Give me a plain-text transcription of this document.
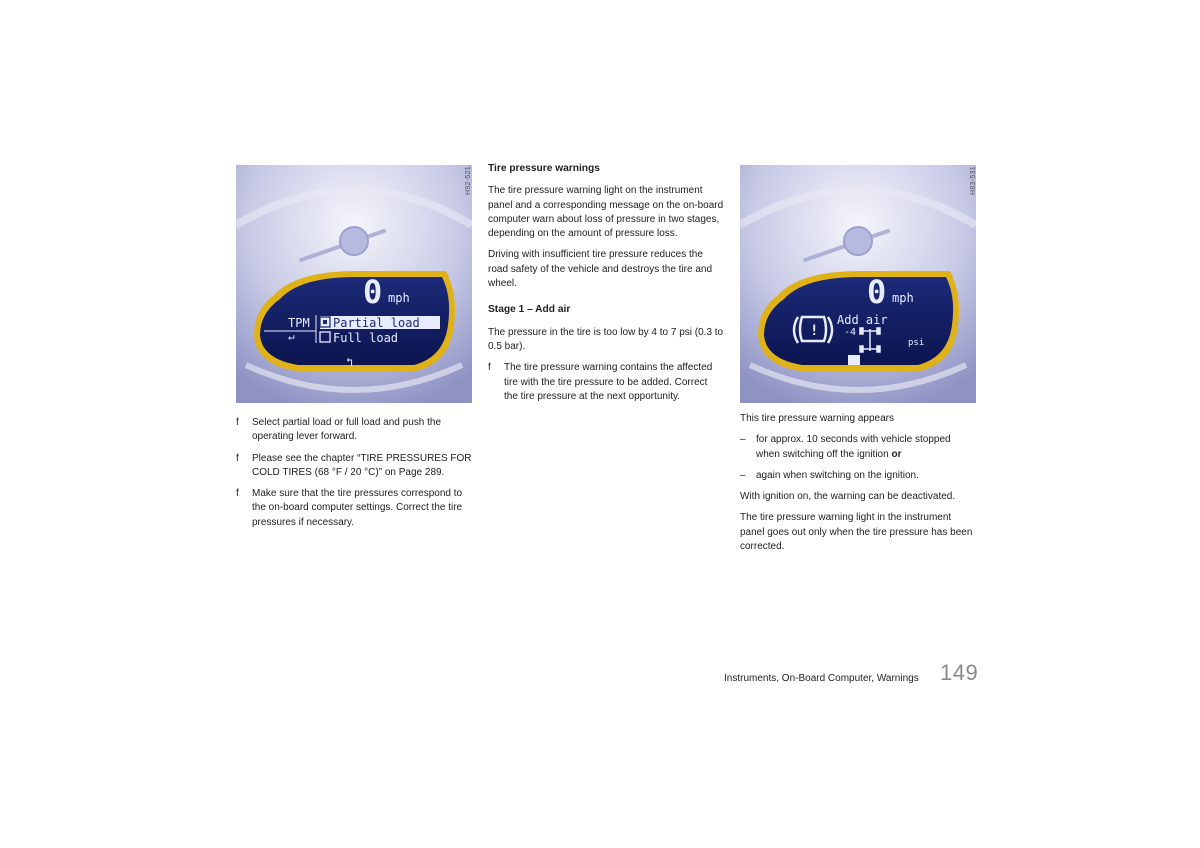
0 mph
TPM
↵
Partial load
Full load
↰
H92-521
0 mph
!
Add air
-4
psi
H83-531
f Select partial load or full load and push the operating lever forward.
f Please see the chapter “TIRE PRESSURES FOR COLD TIRES (68 °F / 20 °C)” on Page 289.
f Make sure that the tire pressures correspond to the on-board computer settings. Correct the tire pressures if necessary.
Tire pressure warnings

The tire pressure warning light on the instrument panel and a corresponding message on the on-board computer warn about loss of pressure in two stages, depending on the amount of pressure loss.

Driving with insufficient tire pressure reduces the road safety of the vehicle and destroys the tire and wheel.

Stage 1 – Add air

The pressure in the tire is too low by 4 to 7 psi (0.3 to 0.5 bar).

f The tire pressure warning contains the affected tire with the tire pressure to be added. Correct the tire pressure at the next opportunity.

This tire pressure warning appears

– for approx. 10 seconds with vehicle stopped when switching off the ignition or
– again when switching on the ignition.

With ignition on, the warning can be deactivated.

The tire pressure warning light in the instrument panel goes out only when the tire pressure has been corrected.

Instruments, On-Board Computer, Warnings 149
